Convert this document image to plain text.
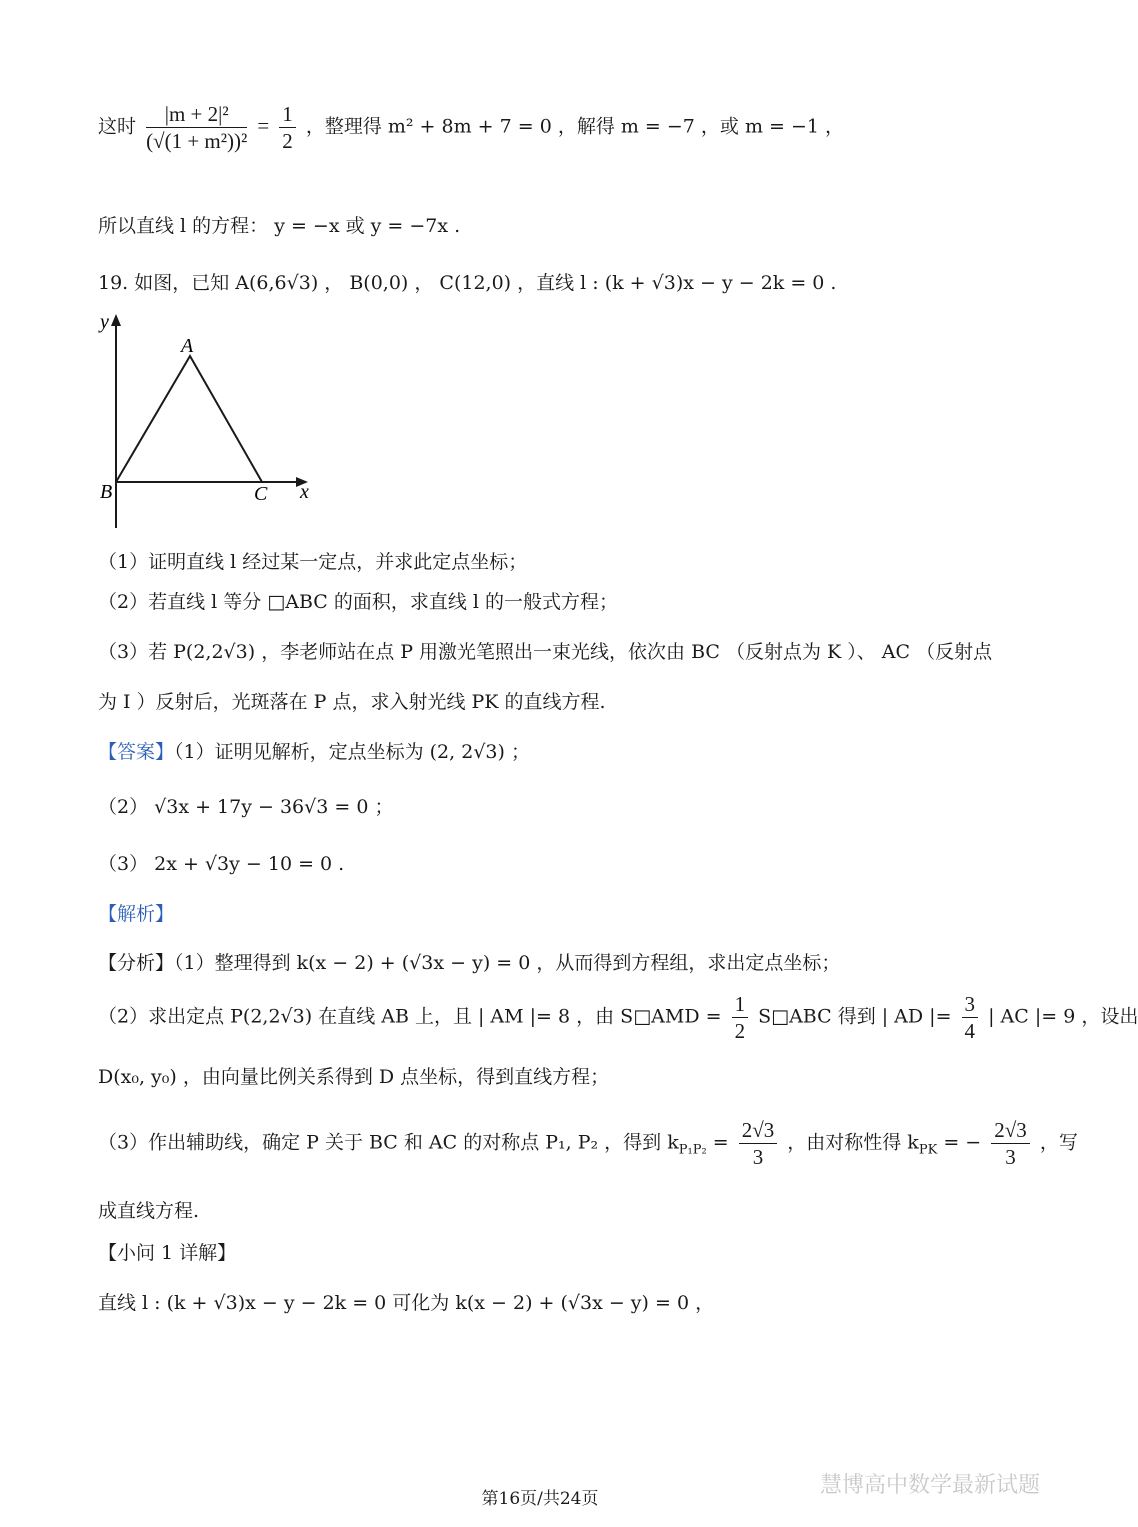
这时 $\frac{\text{|m + 2|²}}{\text{(√(1 + m²))²}} = \frac{1}{2}$ ，整理得 m² + 8m + 7 = 0 ，解得 m = −7 ，或 m = −1 ，
所以直线 l 的方程： y = −x 或 y = −7x .
19. 如图，已知 A(6,6√3) ， B(0,0) ， C(12,0) ，直线 l : (k + √3)x − y − 2k = 0 .
y
x
A
B	C
（1）证明直线 l 经过某一定点，并求此定点坐标；
（2）若直线 l 等分 □ABC 的面积，求直线 l 的一般式方程；
（3）若 P(2,2√3) ，李老师站在点 P 用激光笔照出一束光线，依次由 BC （反射点为 K ）、 AC （反射点
为 I ）反射后，光斑落在 P 点，求入射光线 PK 的直线方程.
【答案】（1）证明见解析，定点坐标为 (2, 2√3) ；
（2） √3x + 17y − 36√3 = 0 ；
（3） 2x + √3y − 10 = 0 .
【解析】
【分析】（1）整理得到 k(x − 2) + (√3x − y) = 0 ，从而得到方程组，求出定点坐标；
（2）求出定点 P(2,2√3) 在直线 AB 上，且 | AM |= 8 ，由 S□AMD = $\frac{1}{2}$ S□ABC 得到 | AD |= $\frac{3}{4}$ | AC |= 9 ，设出
D(x₀, y₀) ，由向量比例关系得到 D 点坐标，得到直线方程；
（3）作出辅助线，确定 P 关于 BC 和 AC 的对称点 P₁, P₂ ，得到 $k_{P_1P_2} = \frac{2√3}{3}$ ，由对称性得 $k_{PK}$ = − $\frac{2√3}{3}$ ，写
成直线方程.
【小问 1 详解】
直线 l : (k + √3)x − y − 2k = 0 可化为 k(x − 2) + (√3x − y) = 0 ，
第16页/共24页
慧博高中数学最新试题
